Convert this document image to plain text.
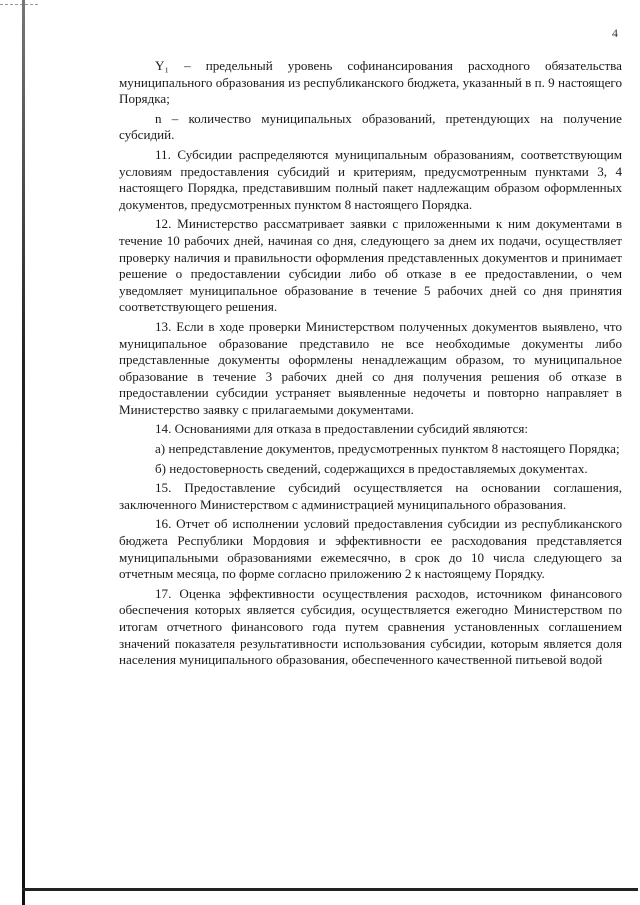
4

Y₁ – предельный уровень софинансирования расходного обязательства муниципального образования из республиканского бюджета, указанный в п. 9 настоящего Порядка;

n – количество муниципальных образований, претендующих на получение субсидий.

11. Субсидии распределяются муниципальным образованиям, соответствующим условиям предоставления субсидий и критериям, предусмотренным пунктами 3, 4 настоящего Порядка, представившим полный пакет надлежащим образом оформленных документов, предусмотренных пунктом 8 настоящего Порядка.

12. Министерство рассматривает заявки с приложенными к ним документами в течение 10 рабочих дней, начиная со дня, следующего за днем их подачи, осуществляет проверку наличия и правильности оформления представленных документов и принимает решение о предоставлении субсидии либо об отказе в ее предоставлении, о чем уведомляет муниципальное образование в течение 5 рабочих дней со дня принятия соответствующего решения.

13. Если в ходе проверки Министерством полученных документов выявлено, что муниципальное образование представило не все необходимые документы либо представленные документы оформлены ненадлежащим образом, то муниципальное образование в течение 3 рабочих дней со дня получения решения об отказе в предоставлении субсидии устраняет выявленные недочеты и повторно направляет в Министерство заявку с прилагаемыми документами.

14. Основаниями для отказа в предоставлении субсидий являются:

а) непредставление документов, предусмотренных пунктом 8 настоящего Порядка;

б) недостоверность сведений, содержащихся в предоставляемых документах.

15. Предоставление субсидий осуществляется на основании соглашения, заключенного Министерством с администрацией муниципального образования.

16. Отчет об исполнении условий предоставления субсидии из республиканского бюджета Республики Мордовия и эффективности ее расходования представляется муниципальными образованиями ежемесячно, в срок до 10 числа следующего за отчетным месяца, по форме согласно приложению 2 к настоящему Порядку.

17. Оценка эффективности осуществления расходов, источником финансового обеспечения которых является субсидия, осуществляется ежегодно Министерством по итогам отчетного финансового года путем сравнения установленных соглашением значений показателя результативности использования субсидии, которым является доля населения муниципального образования, обеспеченного качественной питьевой водой
